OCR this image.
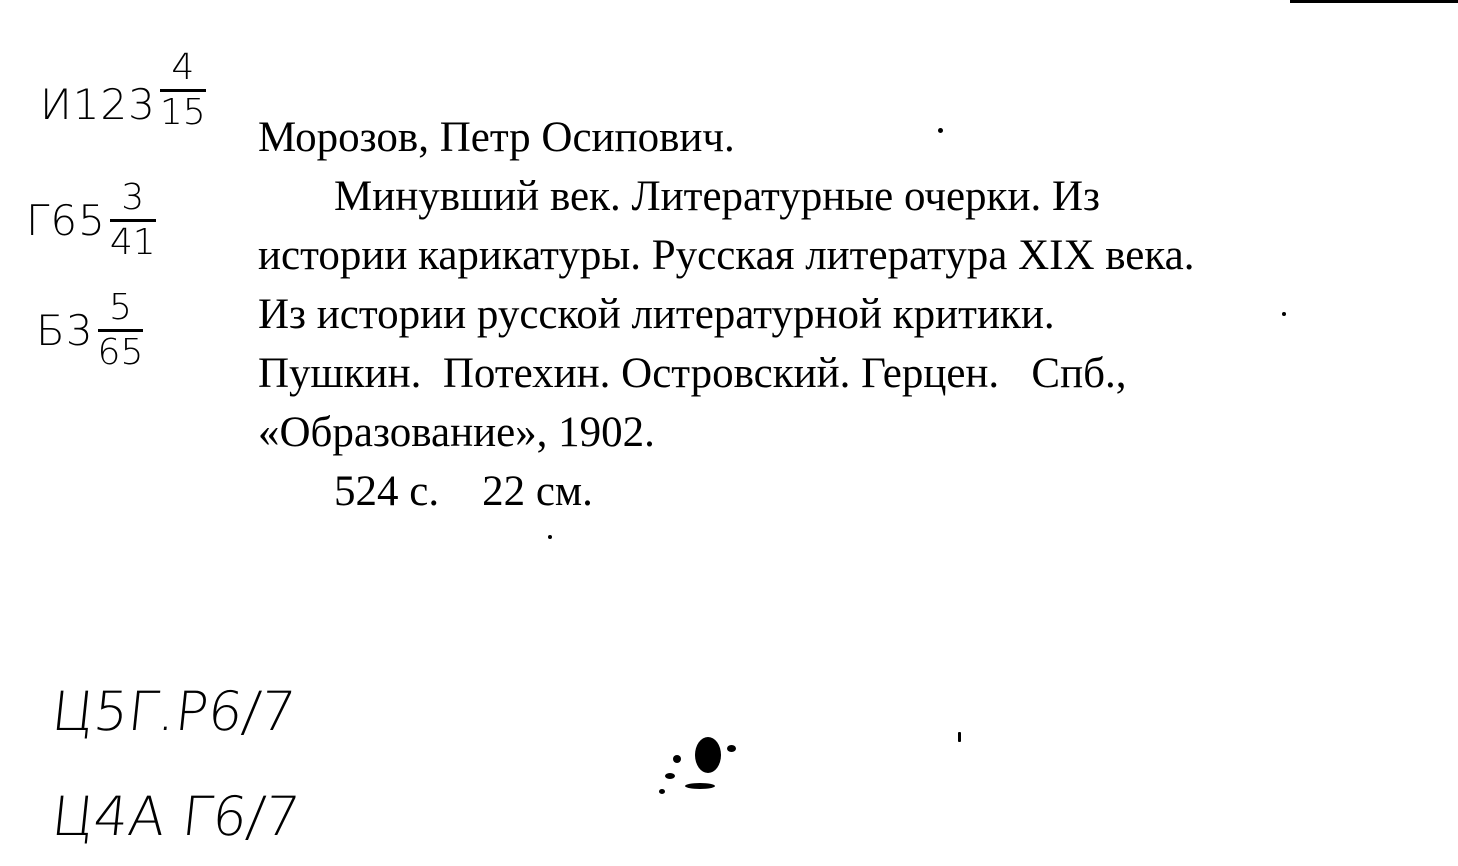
$И123 \frac{4}{15}$
$Г65 \frac{3}{41}$
$Б3 \frac{5}{65}$

Морозов, Петр Осипович.

Минувший век. Литературные очерки. Из

истории карикатуры. Русская литература XIX века.

Из истории русской литературной критики.

Пушкин.  Потехин. Островский. Герцен.   Спб.,

«Образование», 1902.

524 с.    22 см.

Ц5Г.Р6/7
Ц4А Г6/7
